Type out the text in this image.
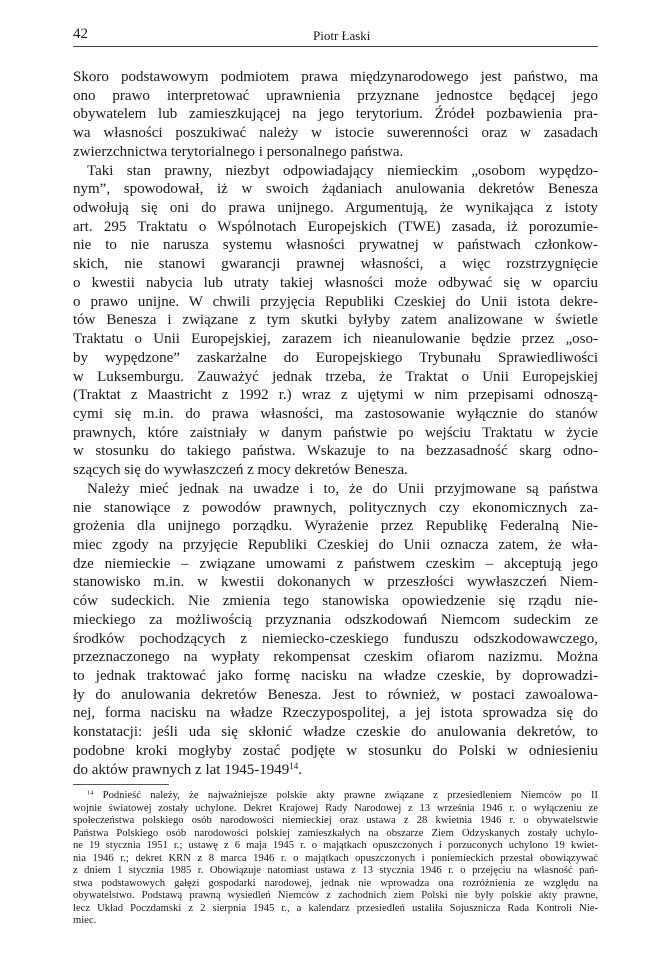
42	Piotr Łaski
Skoro podstawowym podmiotem prawa międzynarodowego jest państwo, ma
ono prawo interpretować uprawnienia przyznane jednostce będącej jego
obywatelem lub zamieszkującej na jego terytorium. Źródeł pozbawienia pra-
wa własności poszukiwać należy w istocie suwerenności oraz w zasadach
zwierzchnictwa terytorialnego i personalnego państwa.
Taki stan prawny, niezbyt odpowiadający niemieckim „osobom wypędzo-
nym”, spowodował, iż w swoich żądaniach anulowania dekretów Benesza
odwołują się oni do prawa unijnego. Argumentują, że wynikająca z istoty
art. 295 Traktatu o Wspólnotach Europejskich (TWE) zasada, iż porozumie-
nie to nie narusza systemu własności prywatnej w państwach członkow-
skich, nie stanowi gwarancji prawnej własności, a więc rozstrzygnięcie
o kwestii nabycia lub utraty takiej własności może odbywać się w oparciu
o prawo unijne. W chwili przyjęcia Republiki Czeskiej do Unii istota dekre-
tów Benesza i związane z tym skutki byłyby zatem analizowane w świetle
Traktatu o Unii Europejskiej, zarazem ich nieanulowanie będzie przez „oso-
by wypędzone” zaskarżalne do Europejskiego Trybunału Sprawiedliwości
w Luksemburgu. Zauważyć jednak trzeba, że Traktat o Unii Europejskiej
(Traktat z Maastricht z 1992 r.) wraz z ujętymi w nim przepisami odnoszą-
cymi się m.in. do prawa własności, ma zastosowanie wyłącznie do stanów
prawnych, które zaistniały w danym państwie po wejściu Traktatu w życie
w stosunku do takiego państwa. Wskazuje to na bezzasadność skarg odno-
szących się do wywłaszczeń z mocy dekretów Benesza.
Należy mieć jednak na uwadze i to, że do Unii przyjmowane są państwa
nie stanowiące z powodów prawnych, politycznych czy ekonomicznych za-
grożenia dla unijnego porządku. Wyrażenie przez Republikę Federalną Nie-
miec zgody na przyjęcie Republiki Czeskiej do Unii oznacza zatem, że wła-
dze niemieckie – związane umowami z państwem czeskim – akceptują jego
stanowisko m.in. w kwestii dokonanych w przeszłości wywłaszczeń Niem-
ców sudeckich. Nie zmienia tego stanowiska opowiedzenie się rządu nie-
mieckiego za możliwością przyznania odszkodowań Niemcom sudeckim ze
środków pochodzących z niemiecko-czeskiego funduszu odszkodowawczego,
przeznaczonego na wypłaty rekompensat czeskim ofiarom nazizmu. Można
to jednak traktować jako formę nacisku na władze czeskie, by doprowadzi-
ły do anulowania dekretów Benesza. Jest to również, w postaci zawoalowa-
nej, forma nacisku na władze Rzeczypospolitej, a jej istota sprowadza się do
konstatacji: jeśli uda się skłonić władze czeskie do anulowania dekretów, to
podobne kroki mogłyby zostać podjęte w stosunku do Polski w odniesieniu
do aktów prawnych z lat 1945-1949$^{14}$.
$^{14}$ Podnieść należy, że najważniejsze polskie akty prawne związane z przesiedleniem Niemców po II
wojnie światowej zostały uchylone. Dekret Krajowej Rady Narodowej z 13 września 1946 r. o wyłączeniu ze
społeczeństwa polskiego osób narodowości niemieckiej oraz ustawa z 28 kwietnia 1946 r. o obywatelstwie
Państwa Polskiego osób narodowości polskiej zamieszkałych na obszarze Ziem Odzyskanych zostały uchylo-
ne 19 stycznia 1951 r.; ustawę z 6 maja 1945 r. o majątkach opuszczonych i porzuconych uchylono 19 kwiet-
nia 1946 r.; dekret KRN z 8 marca 1946 r. o majątkach opuszczonych i poniemieckich przestał obowiązywać
z dniem 1 stycznia 1985 r. Obowiązuje natomiast ustawa z 13 stycznia 1946 r. o przejęciu na własność pań-
stwa podstawowych gałęzi gospodarki narodowej, jednak nie wprowadza ona rozróżnienia ze względu na
obywatelstwo. Podstawą prawną wysiedleń Niemców z zachodnich ziem Polski nie były polskie akty prawne,
lecz Układ Poczdamski z 2 sierpnia 1945 r., a kalendarz przesiedleń ustaliła Sojusznicza Rada Kontroli Nie-
miec.
